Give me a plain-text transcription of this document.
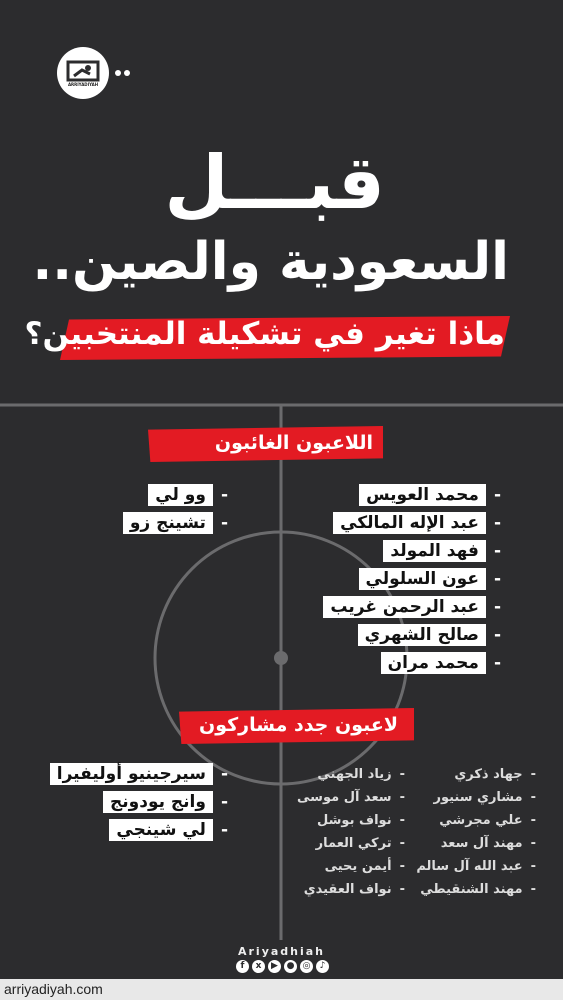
ARRIYADIYAH
قبـــل
السعودية والصين..
ماذا تغير في تشكيلة المنتخبين؟
اللاعبون الغائبون
-
محمد العويس
-
عبد الإله المالكي
-
فهد المولد
-
عون السلولي
-
عبد الرحمن غريب
-
صالح الشهري
-
محمد مران
-
وو لي
-
تشينج زو
لاعبون جدد مشاركون
-
جهاد ذكري
-
مشاري سنيور
-
علي مجرشي
-
مهند آل سعد
-
عبد الله آل سالم
-
مهند الشنقيطي
-
زياد الجهني
-
سعد آل موسى
-
نواف بوشل
-
تركي العمار
-
أيمن يحيى
-
نواف العقيدي
-
سيرجينيو أوليفيرا
-
وانج يودونج
-
لي شينجي
Ariyadhiah
f	x	▶ ● ◎	♪
arriyadiyah.com
